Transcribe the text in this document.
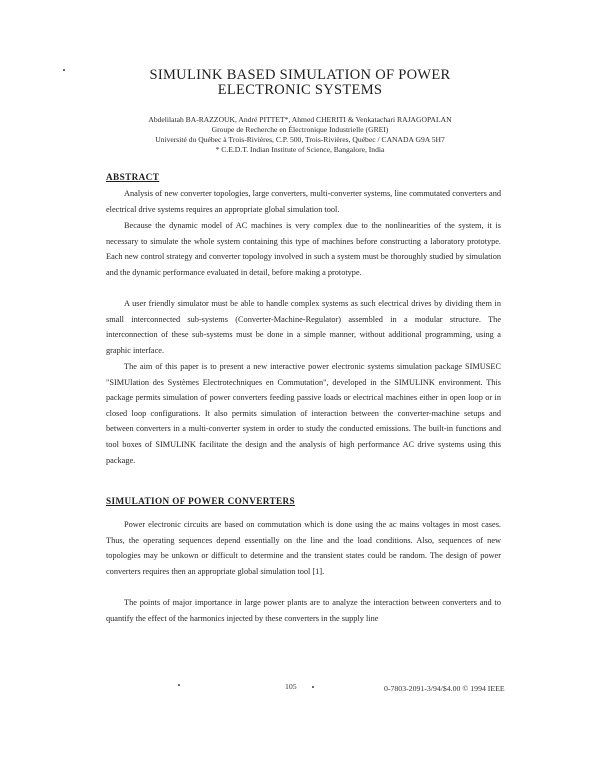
SIMULINK BASED SIMULATION OF POWER
ELECTRONIC SYSTEMS
Abdelilatah BA-RAZZOUK, André PITTET*, Ahmed CHERITI & Venkatachari RAJAGOPALAN
Groupe de Recherche en Électronique Industrielle (GREI)
Université du Québec à Trois-Rivières, C.P. 500, Trois-Rivières, Québec / CANADA G9A 5H7
* C.E.D.T. Indian Institute of Science, Bangalore, India
ABSTRACT

Analysis of new converter topologies, large converters, multi-converter systems, line commutated converters and electrical drive systems requires an appropriate global simulation tool.

Because the dynamic model of AC machines is very complex due to the nonlinearities of the system, it is necessary to simulate the whole system containing this type of machines before constructing a laboratory prototype. Each new control strategy and converter topology involved in such a system must be thoroughly studied by simulation and the dynamic performance evaluated in detail, before making a prototype.

A user friendly simulator must be able to handle complex systems as such electrical drives by dividing them in small interconnected sub-systems (Converter-Machine-Regulator) assembled in a modular structure. The interconnection of these sub-systems must be done in a simple manner, without additional programming, using a graphic interface.

The aim of this paper is to present a new interactive power electronic systems simulation package SIMUSEC "SIMUlation des Systèmes Electrotechniques en Commutation", developed in the SIMULINK environment. This package permits simulation of power converters feeding passive loads or electrical machines either in open loop or in closed loop configurations. It also permits simulation of interaction between the converter-machine setups and between converters in a multi-converter system in order to study the conducted emissions. The built-in functions and tool boxes of SIMULINK facilitate the design and the analysis of high performance AC drive systems using this package.

SIMULATION OF POWER CONVERTERS

Power electronic circuits are based on commutation which is done using the ac mains voltages in most cases. Thus, the operating sequences depend essentially on the line and the load conditions. Also, sequences of new topologies may be unkown or difficult to determine and the transient states could be random. The design of power converters requires then an appropriate global simulation tool [1].

The points of major importance in large power plants are to analyze the interaction between converters and to quantify the effect of the harmonics injected by these converters in the supply line

105	0-7803-2091-3/94/$4.00 © 1994 IEEE
